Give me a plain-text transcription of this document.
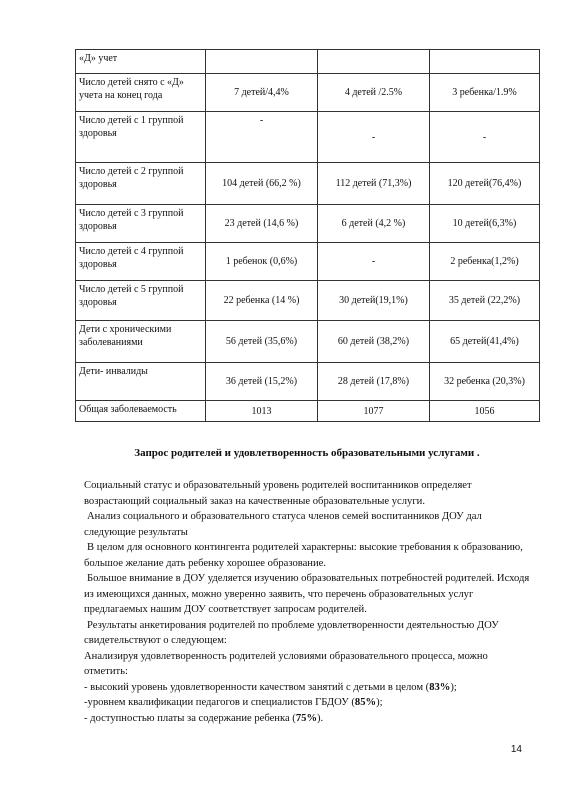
«Д» учет			
Число детей снято с «Д» учета на конец года	7 детей/4,4%	4 детей /2.5%	3 ребенка/1.9%
Число детей с 1 группой здоровья	-	-	-
Число детей с 2 группой здоровья	104 детей (66,2 %)	112 детей (71,3%)	120 детей(76,4%)
Число детей с 3 группой здоровья	23 детей (14,6 %)	6 детей (4,2 %)	10 детей(6,3%)
Число детей с 4 группой здоровья	1 ребенок (0,6%)	-	2 ребенка(1,2%)
Число детей с 5 группой здоровья	22 ребенка (14 %)	30 детей(19,1%)	35 детей (22,2%)
Дети с хроническими заболеваниями	56 детей (35,6%)	60 детей (38,2%)	65 детей(41,4%)
Дети- инвалиды	36 детей (15,2%)	28 детей (17,8%)	32 ребенка (20,3%)
Общая заболеваемость	1013	1077	1056

Запрос родителей и удовлетворенность образовательными услугами .

Социальный статус и образовательный уровень родителей воспитанников определяет возрастающий социальный заказ на качественные образовательные услуги.

Анализ социального и образовательного статуса членов семей воспитанников ДОУ дал следующие результаты

В целом для основного контингента родителей характерны: высокие требования к образованию, большое желание дать ребенку хорошее образование.

Большое внимание в ДОУ уделяется изучению образовательных потребностей родителей. Исходя из имеющихся данных, можно уверенно заявить, что перечень образовательных услуг предлагаемых нашим ДОУ соответствует запросам родителей.

Результаты анкетирования родителей по проблеме удовлетворенности деятельностью ДОУ свидетельствуют о следующем:

Анализируя удовлетворенность родителей условиями образовательного процесса, можно отметить:

- высокий уровень удовлетворенности качеством занятий с детьми в целом (83%);

-уровнем квалификации педагогов и специалистов ГБДОУ (85%);

- доступностью платы за содержание ребенка (75%).

14
